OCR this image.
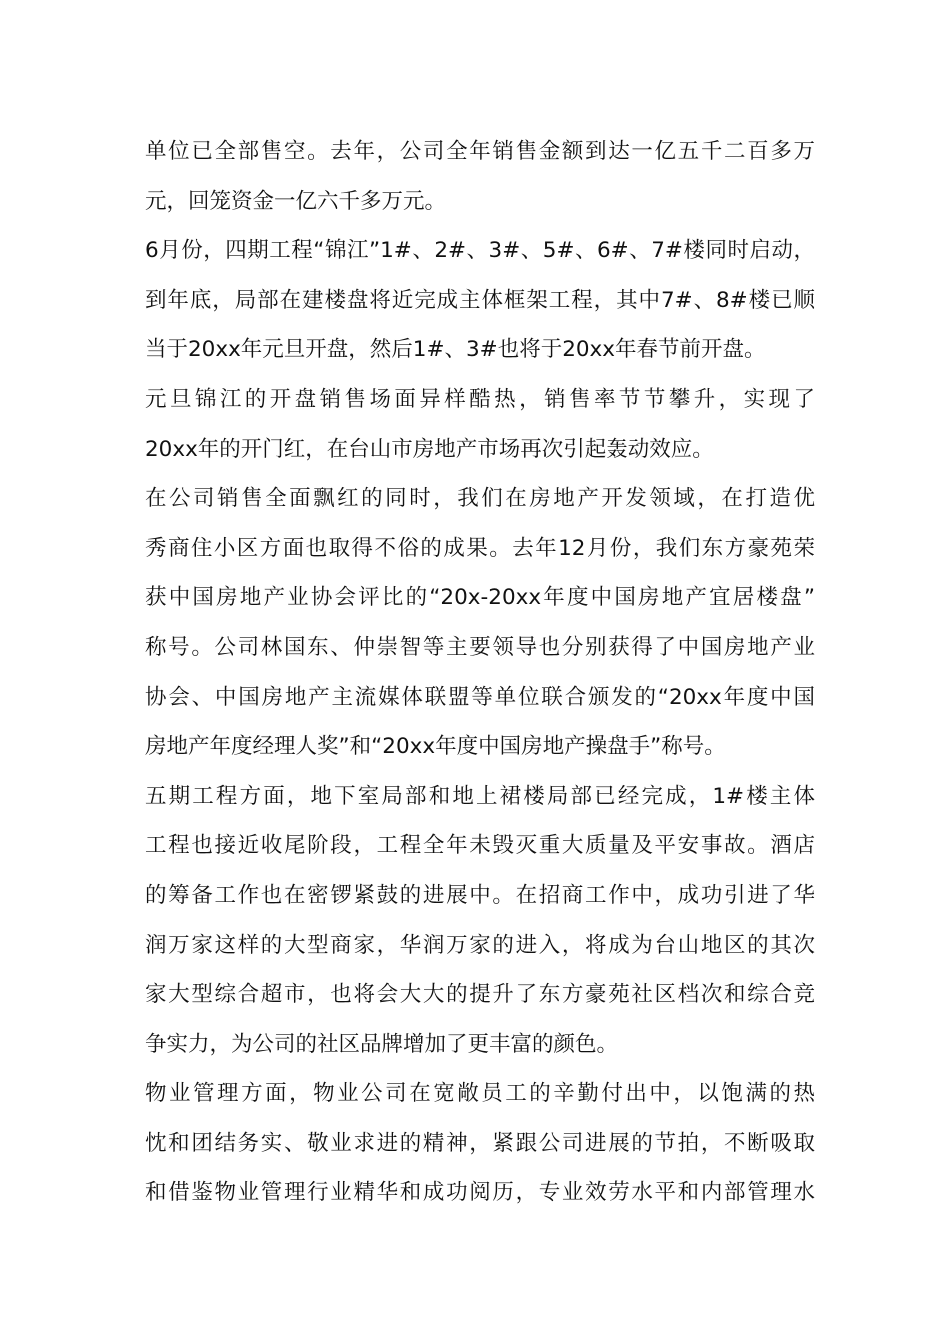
单位已全部售空。去年，公司全年销售金额到达一亿五千二百多万
元，回笼资金一亿六千多万元。
6月份，四期工程“锦江”1#、2#、3#、5#、6#、7#楼同时启动，
到年底，局部在建楼盘将近完成主体框架工程，其中7#、8#楼已顺
当于20xx年元旦开盘，然后1#、3#也将于20xx年春节前开盘。
元旦锦江的开盘销售场面异样酷热，销售率节节攀升，实现了
20xx年的开门红，在台山市房地产市场再次引起轰动效应。
在公司销售全面飘红的同时，我们在房地产开发领域，在打造优
秀商住小区方面也取得不俗的成果。去年12月份，我们东方豪苑荣
获中国房地产业协会评比的“20x-20xx年度中国房地产宜居楼盘”
称号。公司林国东、仲崇智等主要领导也分别获得了中国房地产业
协会、中国房地产主流媒体联盟等单位联合颁发的“20xx年度中国
房地产年度经理人奖”和“20xx年度中国房地产操盘手”称号。
五期工程方面，地下室局部和地上裙楼局部已经完成，1#楼主体
工程也接近收尾阶段，工程全年未毁灭重大质量及平安事故。酒店
的筹备工作也在密锣紧鼓的进展中。在招商工作中，成功引进了华
润万家这样的大型商家，华润万家的进入，将成为台山地区的其次
家大型综合超市，也将会大大的提升了东方豪苑社区档次和综合竞
争实力，为公司的社区品牌增加了更丰富的颜色。
物业管理方面，物业公司在宽敞员工的辛勤付出中，以饱满的热
忱和团结务实、敬业求进的精神，紧跟公司进展的节拍，不断吸取
和借鉴物业管理行业精华和成功阅历，专业效劳水平和内部管理水
